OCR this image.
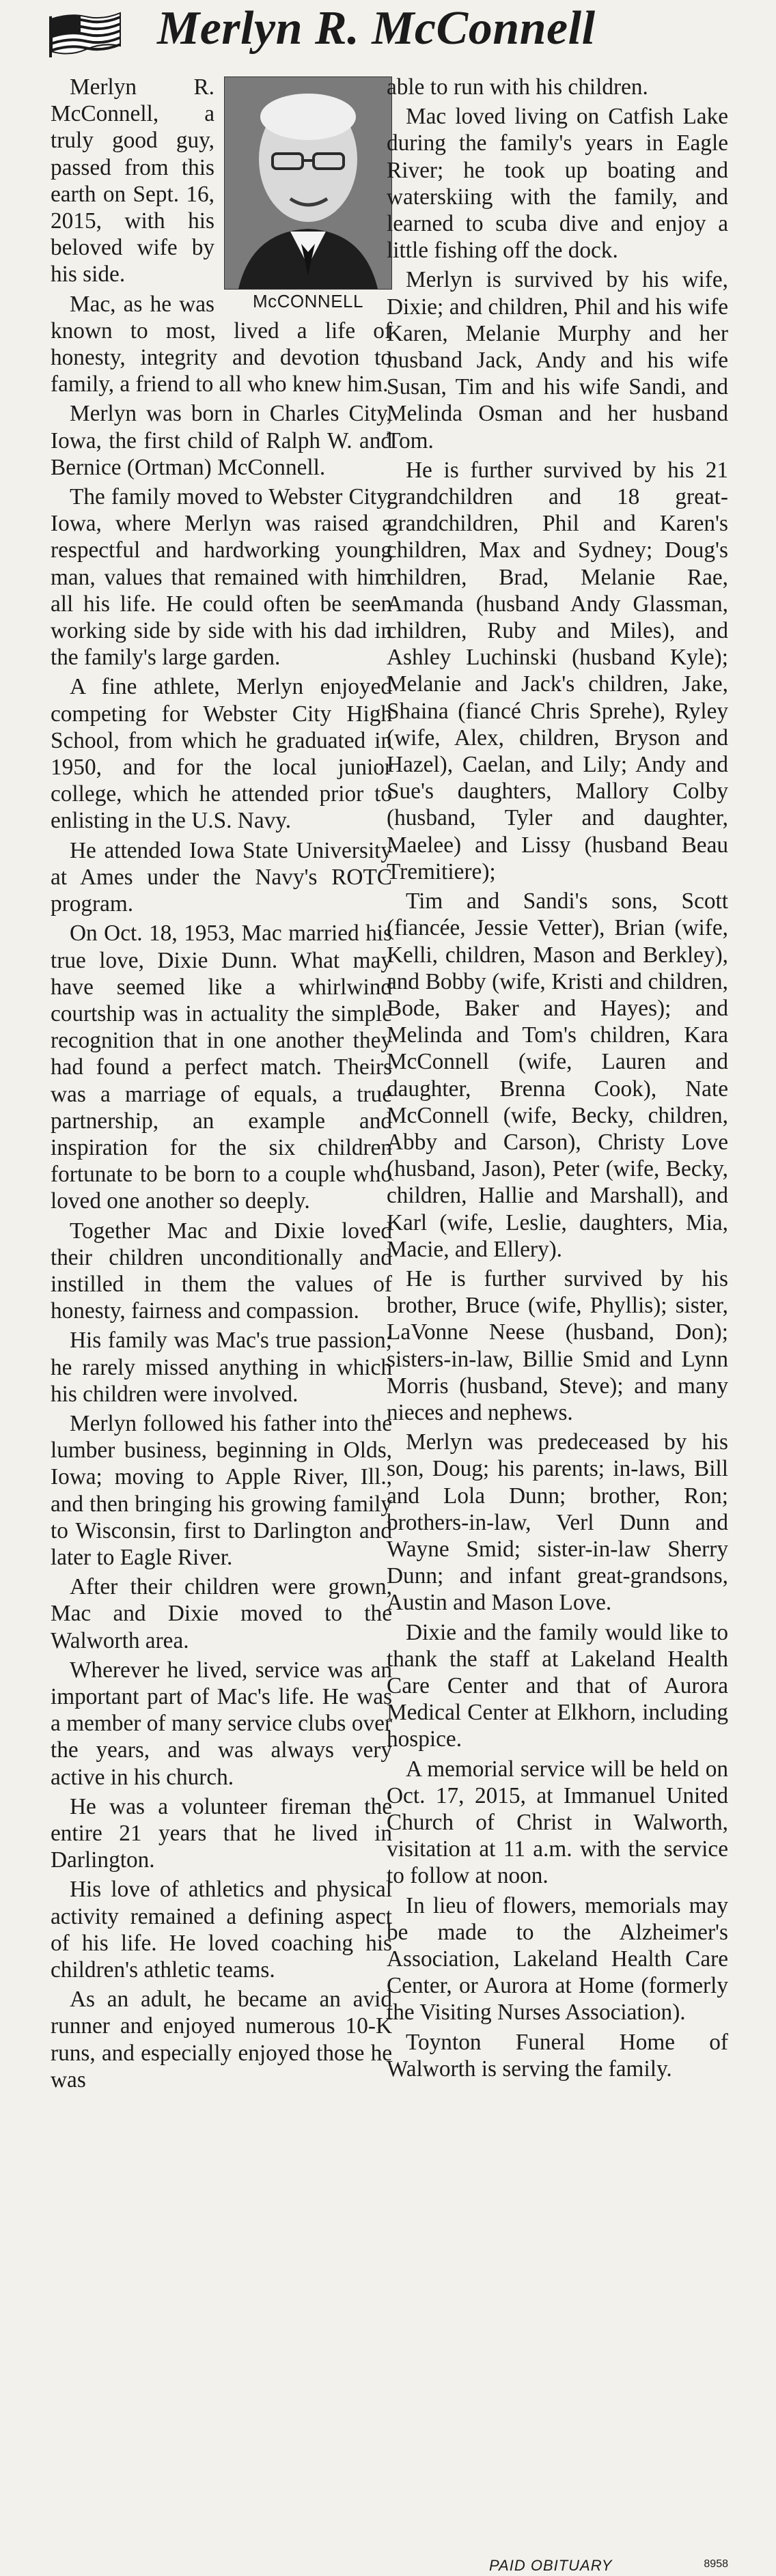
Merlyn R. McConnell
McCONNELL

Merlyn R. McConnell, a truly good guy, passed from this earth on Sept. 16, 2015, with his beloved wife by his side.

Mac, as he was known to most, lived a life of honesty, integrity and devotion to family, a friend to all who knew him.

Merlyn was born in Charles City, Iowa, the first child of Ralph W. and Bernice (Ortman) McConnell.

The family moved to Webster City, Iowa, where Merlyn was raised a respectful and hardworking young man, values that remained with him all his life. He could often be seen working side by side with his dad in the family's large garden.

A fine athlete, Merlyn enjoyed competing for Webster City High School, from which he graduated in 1950, and for the local junior college, which he attended prior to enlisting in the U.S. Navy.

He attended Iowa State University at Ames under the Navy's ROTC program.

On Oct. 18, 1953, Mac married his true love, Dixie Dunn. What may have seemed like a whirlwind courtship was in actuality the simple recognition that in one another they had found a perfect match. Theirs was a marriage of equals, a true partnership, an example and inspiration for the six children fortunate to be born to a couple who loved one another so deeply.

Together Mac and Dixie loved their children unconditionally and instilled in them the values of honesty, fairness and compassion.

His family was Mac's true passion; he rarely missed anything in which his children were involved.

Merlyn followed his father into the lumber business, beginning in Olds, Iowa; moving to Apple River, Ill., and then bringing his growing family to Wisconsin, first to Darlington and later to Eagle River.

After their children were grown, Mac and Dixie moved to the Walworth area.

Wherever he lived, service was an important part of Mac's life. He was a member of many service clubs over the years, and was always very active in his church.

He was a volunteer fireman the entire 21 years that he lived in Darlington.

His love of athletics and physical activity remained a defining aspect of his life. He loved coaching his children's athletic teams.

As an adult, he became an avid runner and enjoyed numerous 10-K runs, and especially enjoyed those he was

able to run with his children.

Mac loved living on Catfish Lake during the family's years in Eagle River; he took up boating and waterskiing with the family, and learned to scuba dive and enjoy a little fishing off the dock.

Merlyn is survived by his wife, Dixie; and children, Phil and his wife Karen, Melanie Murphy and her husband Jack, Andy and his wife Susan, Tim and his wife Sandi, and Melinda Osman and her husband Tom.

He is further survived by his 21 grandchildren and 18 great-grandchildren, Phil and Karen's children, Max and Sydney; Doug's children, Brad, Melanie Rae, Amanda (husband Andy Glassman, children, Ruby and Miles), and Ashley Luchinski (husband Kyle); Melanie and Jack's children, Jake, Shaina (fiancé Chris Sprehe), Ryley (wife, Alex, children, Bryson and Hazel), Caelan, and Lily; Andy and Sue's daughters, Mallory Colby (husband, Tyler and daughter, Maelee) and Lissy (husband Beau Tremitiere);

Tim and Sandi's sons, Scott (fiancée, Jessie Vetter), Brian (wife, Kelli, children, Mason and Berkley), and Bobby (wife, Kristi and children, Bode, Baker and Hayes); and Melinda and Tom's children, Kara McConnell (wife, Lauren and daughter, Brenna Cook), Nate McConnell (wife, Becky, children, Abby and Carson), Christy Love (husband, Jason), Peter (wife, Becky, children, Hallie and Marshall), and Karl (wife, Leslie, daughters, Mia, Macie, and Ellery).

He is further survived by his brother, Bruce (wife, Phyllis); sister, LaVonne Neese (husband, Don); sisters-in-law, Billie Smid and Lynn Morris (husband, Steve); and many nieces and nephews.

Merlyn was predeceased by his son, Doug; his parents; in-laws, Bill and Lola Dunn; brother, Ron; brothers-in-law, Verl Dunn and Wayne Smid; sister-in-law Sherry Dunn; and infant great-grandsons, Austin and Mason Love.

Dixie and the family would like to thank the staff at Lakeland Health Care Center and that of Aurora Medical Center at Elkhorn, including hospice.

A memorial service will be held on Oct. 17, 2015, at Immanuel United Church of Christ in Walworth, visitation at 11 a.m. with the service to follow at noon.

In lieu of flowers, memorials may be made to the Alzheimer's Association, Lakeland Health Care Center, or Aurora at Home (formerly the Visiting Nurses Association).

Toynton Funeral Home of Walworth is serving the family.

PAID OBITUARY	8958
